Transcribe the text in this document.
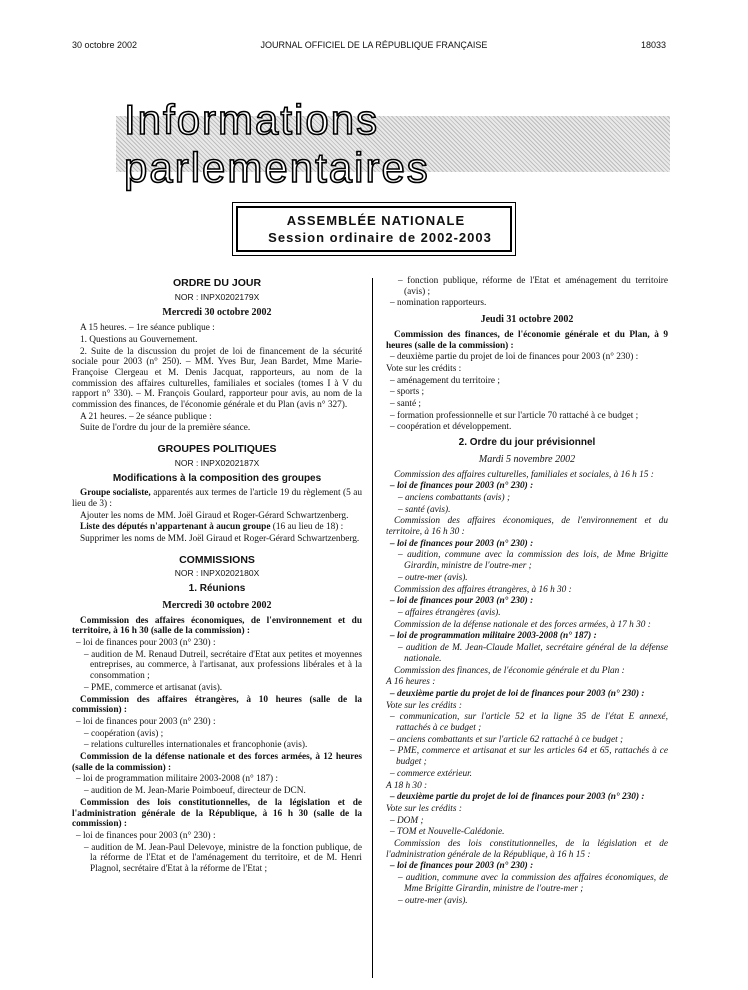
30 octobre 2002	JOURNAL OFFICIEL DE LA RÉPUBLIQUE FRANÇAISE	18033
Informations parlementaires
ASSEMBLÉE NATIONALE
Session ordinaire de 2002-2003
ORDRE DU JOUR
NOR : INPX0202179X
Mercredi 30 octobre 2002

A 15 heures. – 1re séance publique :

1. Questions au Gouvernement.

2. Suite de la discussion du projet de loi de financement de la sécurité sociale pour 2003 (n° 250). – MM. Yves Bur, Jean Bardet, Mme Marie-Françoise Clergeau et M. Denis Jacquat, rapporteurs, au nom de la commission des affaires culturelles, familiales et sociales (tomes I à V du rapport n° 330). – M. François Goulard, rapporteur pour avis, au nom de la commission des finances, de l'économie générale et du Plan (avis n° 327).

A 21 heures. – 2e séance publique :

Suite de l'ordre du jour de la première séance.

GROUPES POLITIQUES
NOR : INPX0202187X
Modifications à la composition des groupes

Groupe socialiste, apparentés aux termes de l'article 19 du règlement (5 au lieu de 3) :

Ajouter les noms de MM. Joël Giraud et Roger-Gérard Schwartzenberg.

Liste des députés n'appartenant à aucun groupe (16 au lieu de 18) :

Supprimer les noms de MM. Joël Giraud et Roger-Gérard Schwartzenberg.

COMMISSIONS
NOR : INPX0202180X
1. Réunions
Mercredi 30 octobre 2002

Commission des affaires économiques, de l'environnement et du territoire, à 16 h 30 (salle de la commission) :

– loi de finances pour 2003 (n° 230) :

– audition de M. Renaud Dutreil, secrétaire d'Etat aux petites et moyennes entreprises, au commerce, à l'artisanat, aux professions libérales et à la consommation ;

– PME, commerce et artisanat (avis).

Commission des affaires étrangères, à 10 heures (salle de la commission) :

– loi de finances pour 2003 (n° 230) :

– coopération (avis) ;

– relations culturelles internationales et francophonie (avis).

Commission de la défense nationale et des forces armées, à 12 heures (salle de la commission) :

– loi de programmation militaire 2003-2008 (n° 187) :

– audition de M. Jean-Marie Poimboeuf, directeur de DCN.

Commission des lois constitutionnelles, de la législation et de l'administration générale de la République, à 16 h 30 (salle de la commission) :

– loi de finances pour 2003 (n° 230) :

– audition de M. Jean-Paul Delevoye, ministre de la fonction publique, de la réforme de l'Etat et de l'aménagement du territoire, et de M. Henri Plagnol, secrétaire d'Etat à la réforme de l'Etat ;

– fonction publique, réforme de l'Etat et aménagement du territoire (avis) ;

– nomination rapporteurs.

Jeudi 31 octobre 2002

Commission des finances, de l'économie générale et du Plan, à 9 heures (salle de la commission) :

– deuxième partie du projet de loi de finances pour 2003 (n° 230) :

Vote sur les crédits :

– aménagement du territoire ;

– sports ;

– santé ;

– formation professionnelle et sur l'article 70 rattaché à ce budget ;

– coopération et développement.

2. Ordre du jour prévisionnel
Mardi 5 novembre 2002

Commission des affaires culturelles, familiales et sociales, à 16 h 15 :

– loi de finances pour 2003 (n° 230) :

– anciens combattants (avis) ;

– santé (avis).

Commission des affaires économiques, de l'environnement et du territoire, à 16 h 30 :

– loi de finances pour 2003 (n° 230) :

– audition, commune avec la commission des lois, de Mme Brigitte Girardin, ministre de l'outre-mer ;

– outre-mer (avis).

Commission des affaires étrangères, à 16 h 30 :

– loi de finances pour 2003 (n° 230) :

– affaires étrangères (avis).

Commission de la défense nationale et des forces armées, à 17 h 30 :

– loi de programmation militaire 2003-2008 (n° 187) :

– audition de M. Jean-Claude Mallet, secrétaire général de la défense nationale.

Commission des finances, de l'économie générale et du Plan :

A 16 heures :

– deuxième partie du projet de loi de finances pour 2003 (n° 230) :

Vote sur les crédits :

– communication, sur l'article 52 et la ligne 35 de l'état E annexé, rattachés à ce budget ;

– anciens combattants et sur l'article 62 rattaché à ce budget ;

– PME, commerce et artisanat et sur les articles 64 et 65, rattachés à ce budget ;

– commerce extérieur.

A 18 h 30 :

– deuxième partie du projet de loi de finances pour 2003 (n° 230) :

Vote sur les crédits :

– DOM ;

– TOM et Nouvelle-Calédonie.

Commission des lois constitutionnelles, de la législation et de l'administration générale de la République, à 16 h 15 :

– loi de finances pour 2003 (n° 230) :

– audition, commune avec la commission des affaires économiques, de Mme Brigitte Girardin, ministre de l'outre-mer ;

– outre-mer (avis).
